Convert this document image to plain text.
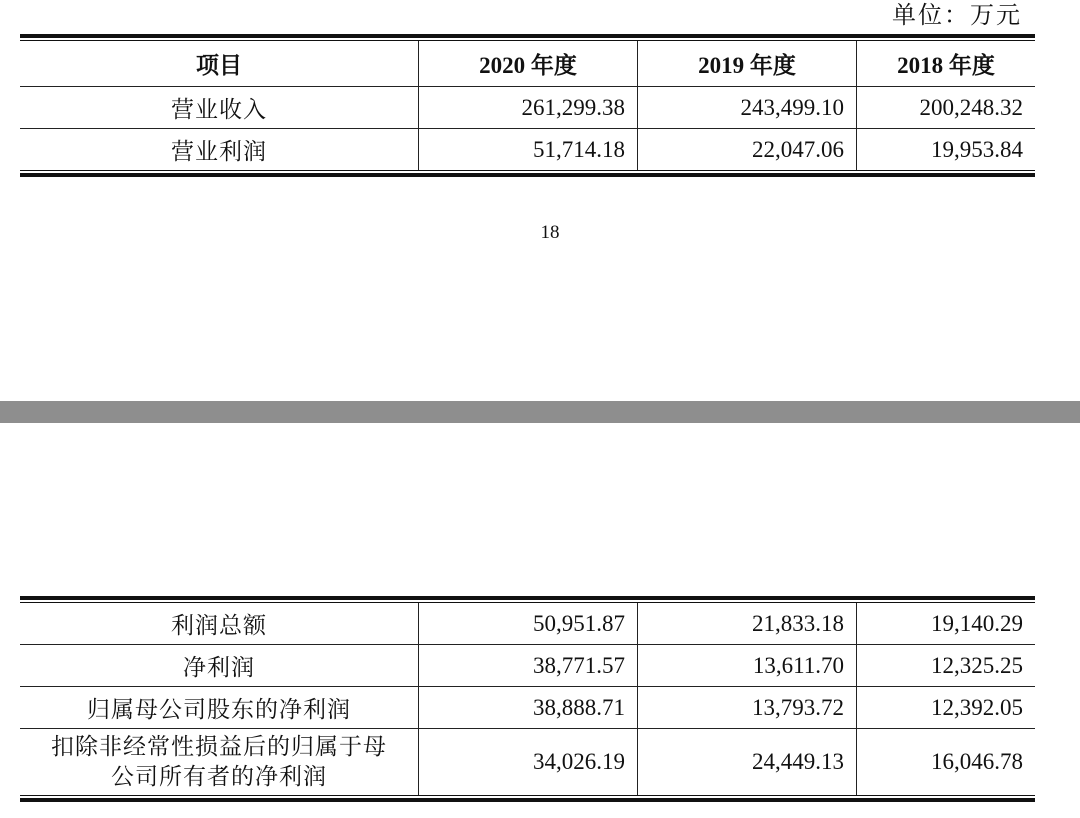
单位：万元
项目	2020 年度	2019 年度	2018 年度
营业收入	261,299.38	243,499.10	200,248.32
营业利润	51,714.18	22,047.06	19,953.84
18
利润总额	50,951.87	21,833.18	19,140.29
净利润	38,771.57	13,611.70	12,325.25
归属母公司股东的净利润	38,888.71	13,793.72	12,392.05
扣除非经常性损益后的归属于母
公司所有者的净利润
34,026.19	24,449.13	16,046.78
